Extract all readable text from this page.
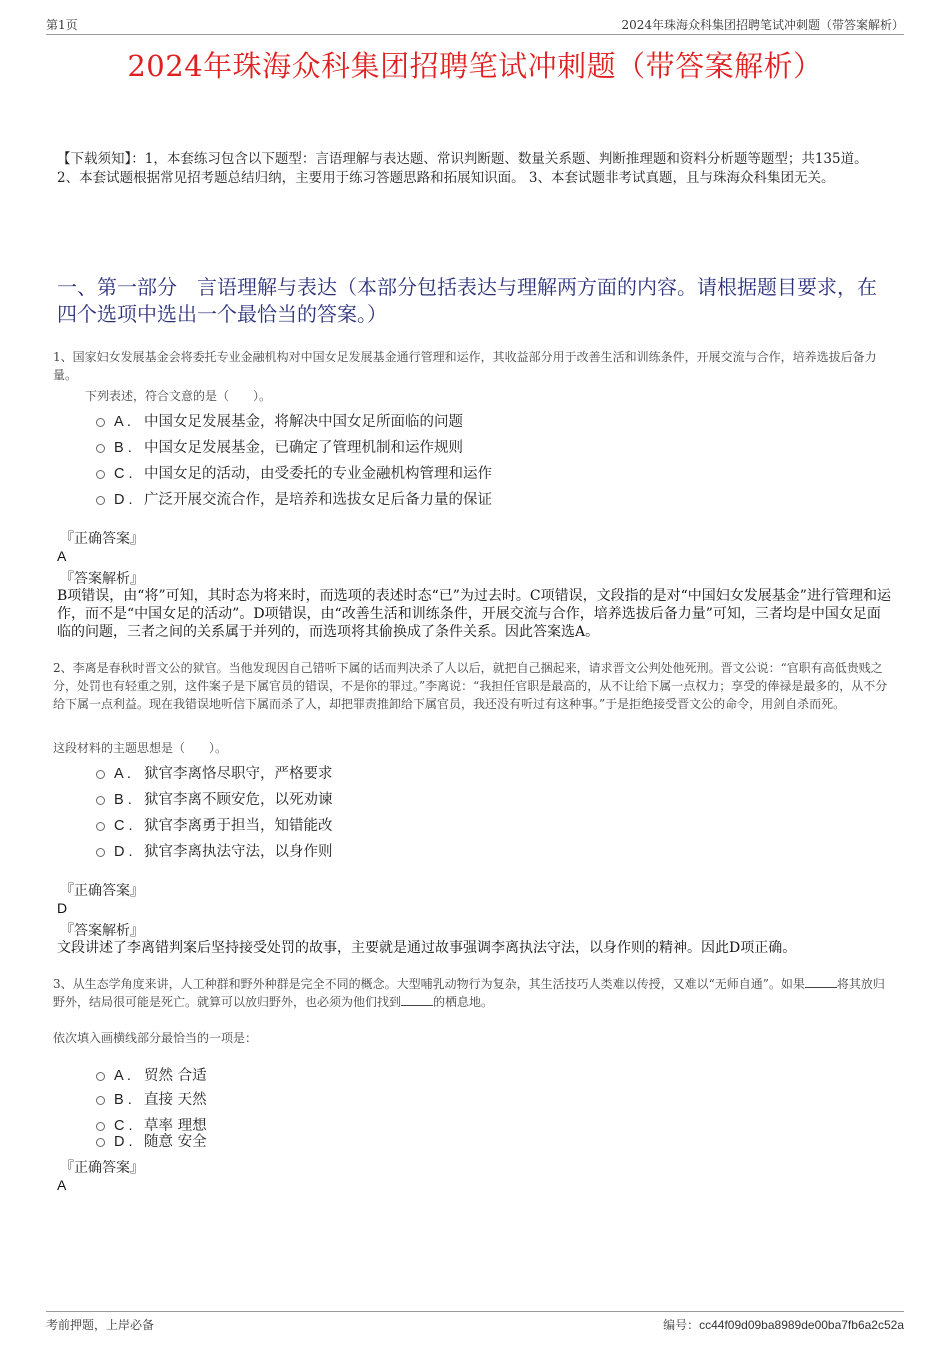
第1页	2024年珠海众科集团招聘笔试冲刺题（带答案解析）
2024年珠海众科集团招聘笔试冲刺题（带答案解析）
【下载须知】：1，本套练习包含以下题型：言语理解与表达题、常识判断题、数量关系题、判断推理题和资料分析题等题型；共135道。 2、本套试题根据常见招考题总结归纳，主要用于练习答题思路和拓展知识面。 3、本套试题非考试真题，且与珠海众科集团无关。
一、第一部分　言语理解与表达（本部分包括表达与理解两方面的内容。请根据题目要求，在四个选项中选出一个最恰当的答案。）
1、国家妇女发展基金会将委托专业金融机构对中国女足发展基金通行管理和运作，其收益部分用于改善生活和训练条件，开展交流与合作，培养选拔后备力量。
下列表述，符合文意的是（　　）。
A . 中国女足发展基金，将解决中国女足所面临的问题
B . 中国女足发展基金，已确定了管理机制和运作规则
C . 中国女足的活动，由受委托的专业金融机构管理和运作
D . 广泛开展交流合作，是培养和选拔女足后备力量的保证
『正确答案』
A
『答案解析』
B项错误，由“将”可知，其时态为将来时，而选项的表述时态“已”为过去时。C项错误，文段指的是对“中国妇女发展基金”进行管理和运作，而不是“中国女足的活动”。D项错误，由“改善生活和训练条件，开展交流与合作，培养选拔后备力量”可知，三者均是中国女足面临的问题，三者之间的关系属于并列的，而选项将其偷换成了条件关系。因此答案选A。
2、李离是春秋时晋文公的狱官。当他发现因自己错听下属的话而判决杀了人以后，就把自己捆起来，请求晋文公判处他死刑。晋文公说：“官职有高低贵贱之分，处罚也有轻重之别，这件案子是下属官员的错误，不是你的罪过。”李离说：“我担任官职是最高的，从不让给下属一点权力；享受的俸禄是最多的，从不分给下属一点利益。现在我错误地听信下属而杀了人，却把罪责推卸给下属官员，我还没有听过有这种事。”于是拒绝接受晋文公的命令，用剑自杀而死。
这段材料的主题思想是（　　）。
A . 狱官李离恪尽职守，严格要求
B . 狱官李离不顾安危，以死劝谏
C . 狱官李离勇于担当，知错能改
D . 狱官李离执法守法，以身作则
『正确答案』
D
『答案解析』
文段讲述了李离错判案后坚持接受处罚的故事，主要就是通过故事强调李离执法守法，以身作则的精神。因此D项正确。
3、从生态学角度来讲，人工种群和野外种群是完全不同的概念。大型哺乳动物行为复杂，其生活技巧人类难以传授，又难以“无师自通”。如果	将其放归野外，结局很可能是死亡。就算可以放归野外，也必须为他们找到	的栖息地。
依次填入画横线部分最恰当的一项是：
A . 贸然 合适
B . 直接 天然
C . 草率 理想
D . 随意 安全
『正确答案』
A
考前押题，上岸必备	编号：cc44f09d09ba8989de00ba7fb6a2c52a
